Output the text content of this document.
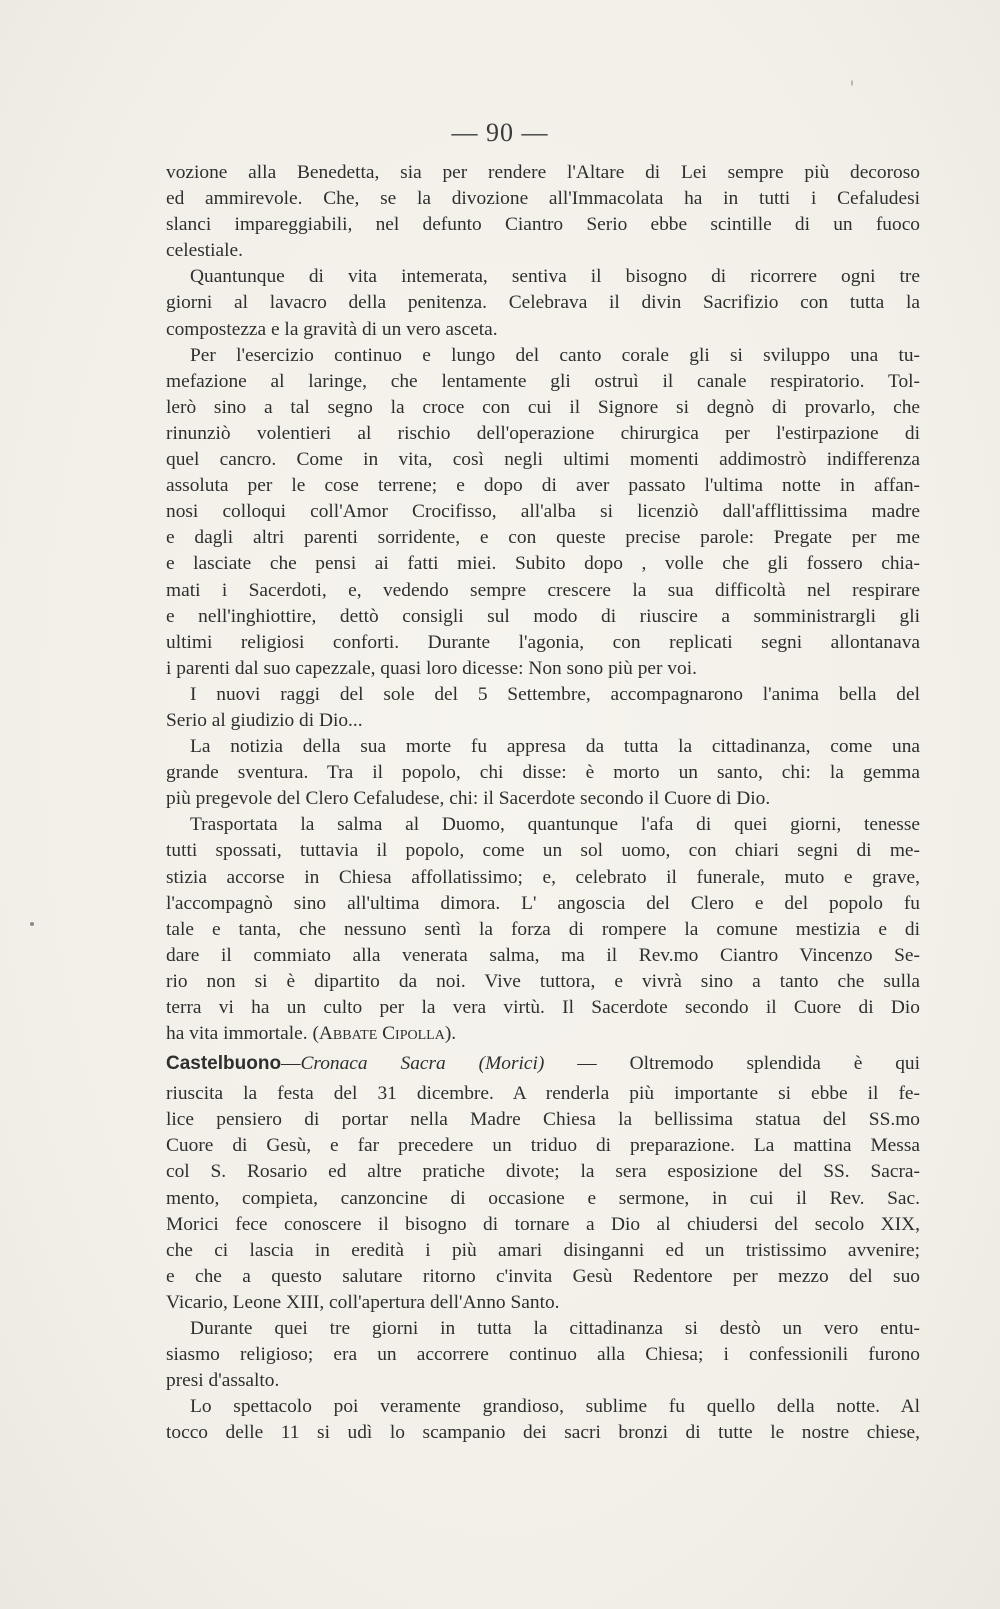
— 90 —
vozione alla Benedetta, sia per rendere l'Altare di Lei sempre più decoroso
ed ammirevole. Che, se la divozione all'Immacolata ha in tutti i Cefaludesi
slanci impareggiabili, nel defunto Ciantro Serio ebbe scintille di un fuoco
celestiale.
Quantunque di vita intemerata, sentiva il bisogno di ricorrere ogni tre
giorni al lavacro della penitenza. Celebrava il divin Sacrifizio con tutta la
compostezza e la gravità di un vero asceta.
Per l'esercizio continuo e lungo del canto corale gli si sviluppo una tu-
mefazione al laringe, che lentamente gli ostruì il canale respiratorio. Tol-
lerò sino a tal segno la croce con cui il Signore si degnò di provarlo, che
rinunziò volentieri al rischio dell'operazione chirurgica per l'estirpazione di
quel cancro. Come in vita, così negli ultimi momenti addimostrò indifferenza
assoluta per le cose terrene; e dopo di aver passato l'ultima notte in affan-
nosi colloqui coll'Amor Crocifisso, all'alba si licenziò dall'afflittissima madre
e dagli altri parenti sorridente, e con queste precise parole: Pregate per me
e lasciate che pensi ai fatti miei. Subito dopo , volle che gli fossero chia-
mati i Sacerdoti, e, vedendo sempre crescere la sua difficoltà nel respirare
e nell'inghiottire, dettò consigli sul modo di riuscire a somministrargli gli
ultimi religiosi conforti. Durante l'agonia, con replicati segni allontanava
i parenti dal suo capezzale, quasi loro dicesse: Non sono più per voi.
I nuovi raggi del sole del 5 Settembre, accompagnarono l'anima bella del
Serio al giudizio di Dio...
La notizia della sua morte fu appresa da tutta la cittadinanza, come una
grande sventura. Tra il popolo, chi disse: è morto un santo, chi: la gemma
più pregevole del Clero Cefaludese, chi: il Sacerdote secondo il Cuore di Dio.
Trasportata la salma al Duomo, quantunque l'afa di quei giorni, tenesse
tutti spossati, tuttavia il popolo, come un sol uomo, con chiari segni di me-
stizia accorse in Chiesa affollatissimo; e, celebrato il funerale, muto e grave,
l'accompagnò sino all'ultima dimora. L' angoscia del Clero e del popolo fu
tale e tanta, che nessuno sentì la forza di rompere la comune mestizia e di
dare il commiato alla venerata salma, ma il Rev.mo Ciantro Vincenzo Se-
rio non si è dipartito da noi. Vive tuttora, e vivrà sino a tanto che sulla
terra vi ha un culto per la vera virtù. Il Sacerdote secondo il Cuore di Dio
ha vita immortale. (Abbate Cipolla).
Castelbuono—Cronaca Sacra (Morici) — Oltremodo splendida è qui
riuscita la festa del 31 dicembre. A renderla più importante si ebbe il fe-
lice pensiero di portar nella Madre Chiesa la bellissima statua del SS.mo
Cuore di Gesù, e far precedere un triduo di preparazione. La mattina Messa
col S. Rosario ed altre pratiche divote; la sera esposizione del SS. Sacra-
mento, compieta, canzoncine di occasione e sermone, in cui il Rev. Sac.
Morici fece conoscere il bisogno di tornare a Dio al chiudersi del secolo XIX,
che ci lascia in eredità i più amari disinganni ed un tristissimo avvenire;
e che a questo salutare ritorno c'invita Gesù Redentore per mezzo del suo
Vicario, Leone XIII, coll'apertura dell'Anno Santo.
Durante quei tre giorni in tutta la cittadinanza si destò un vero entu-
siasmo religioso; era un accorrere continuo alla Chiesa; i confessionili furono
presi d'assalto.
Lo spettacolo poi veramente grandioso, sublime fu quello della notte. Al
tocco delle 11 si udì lo scampanio dei sacri bronzi di tutte le nostre chiese,
